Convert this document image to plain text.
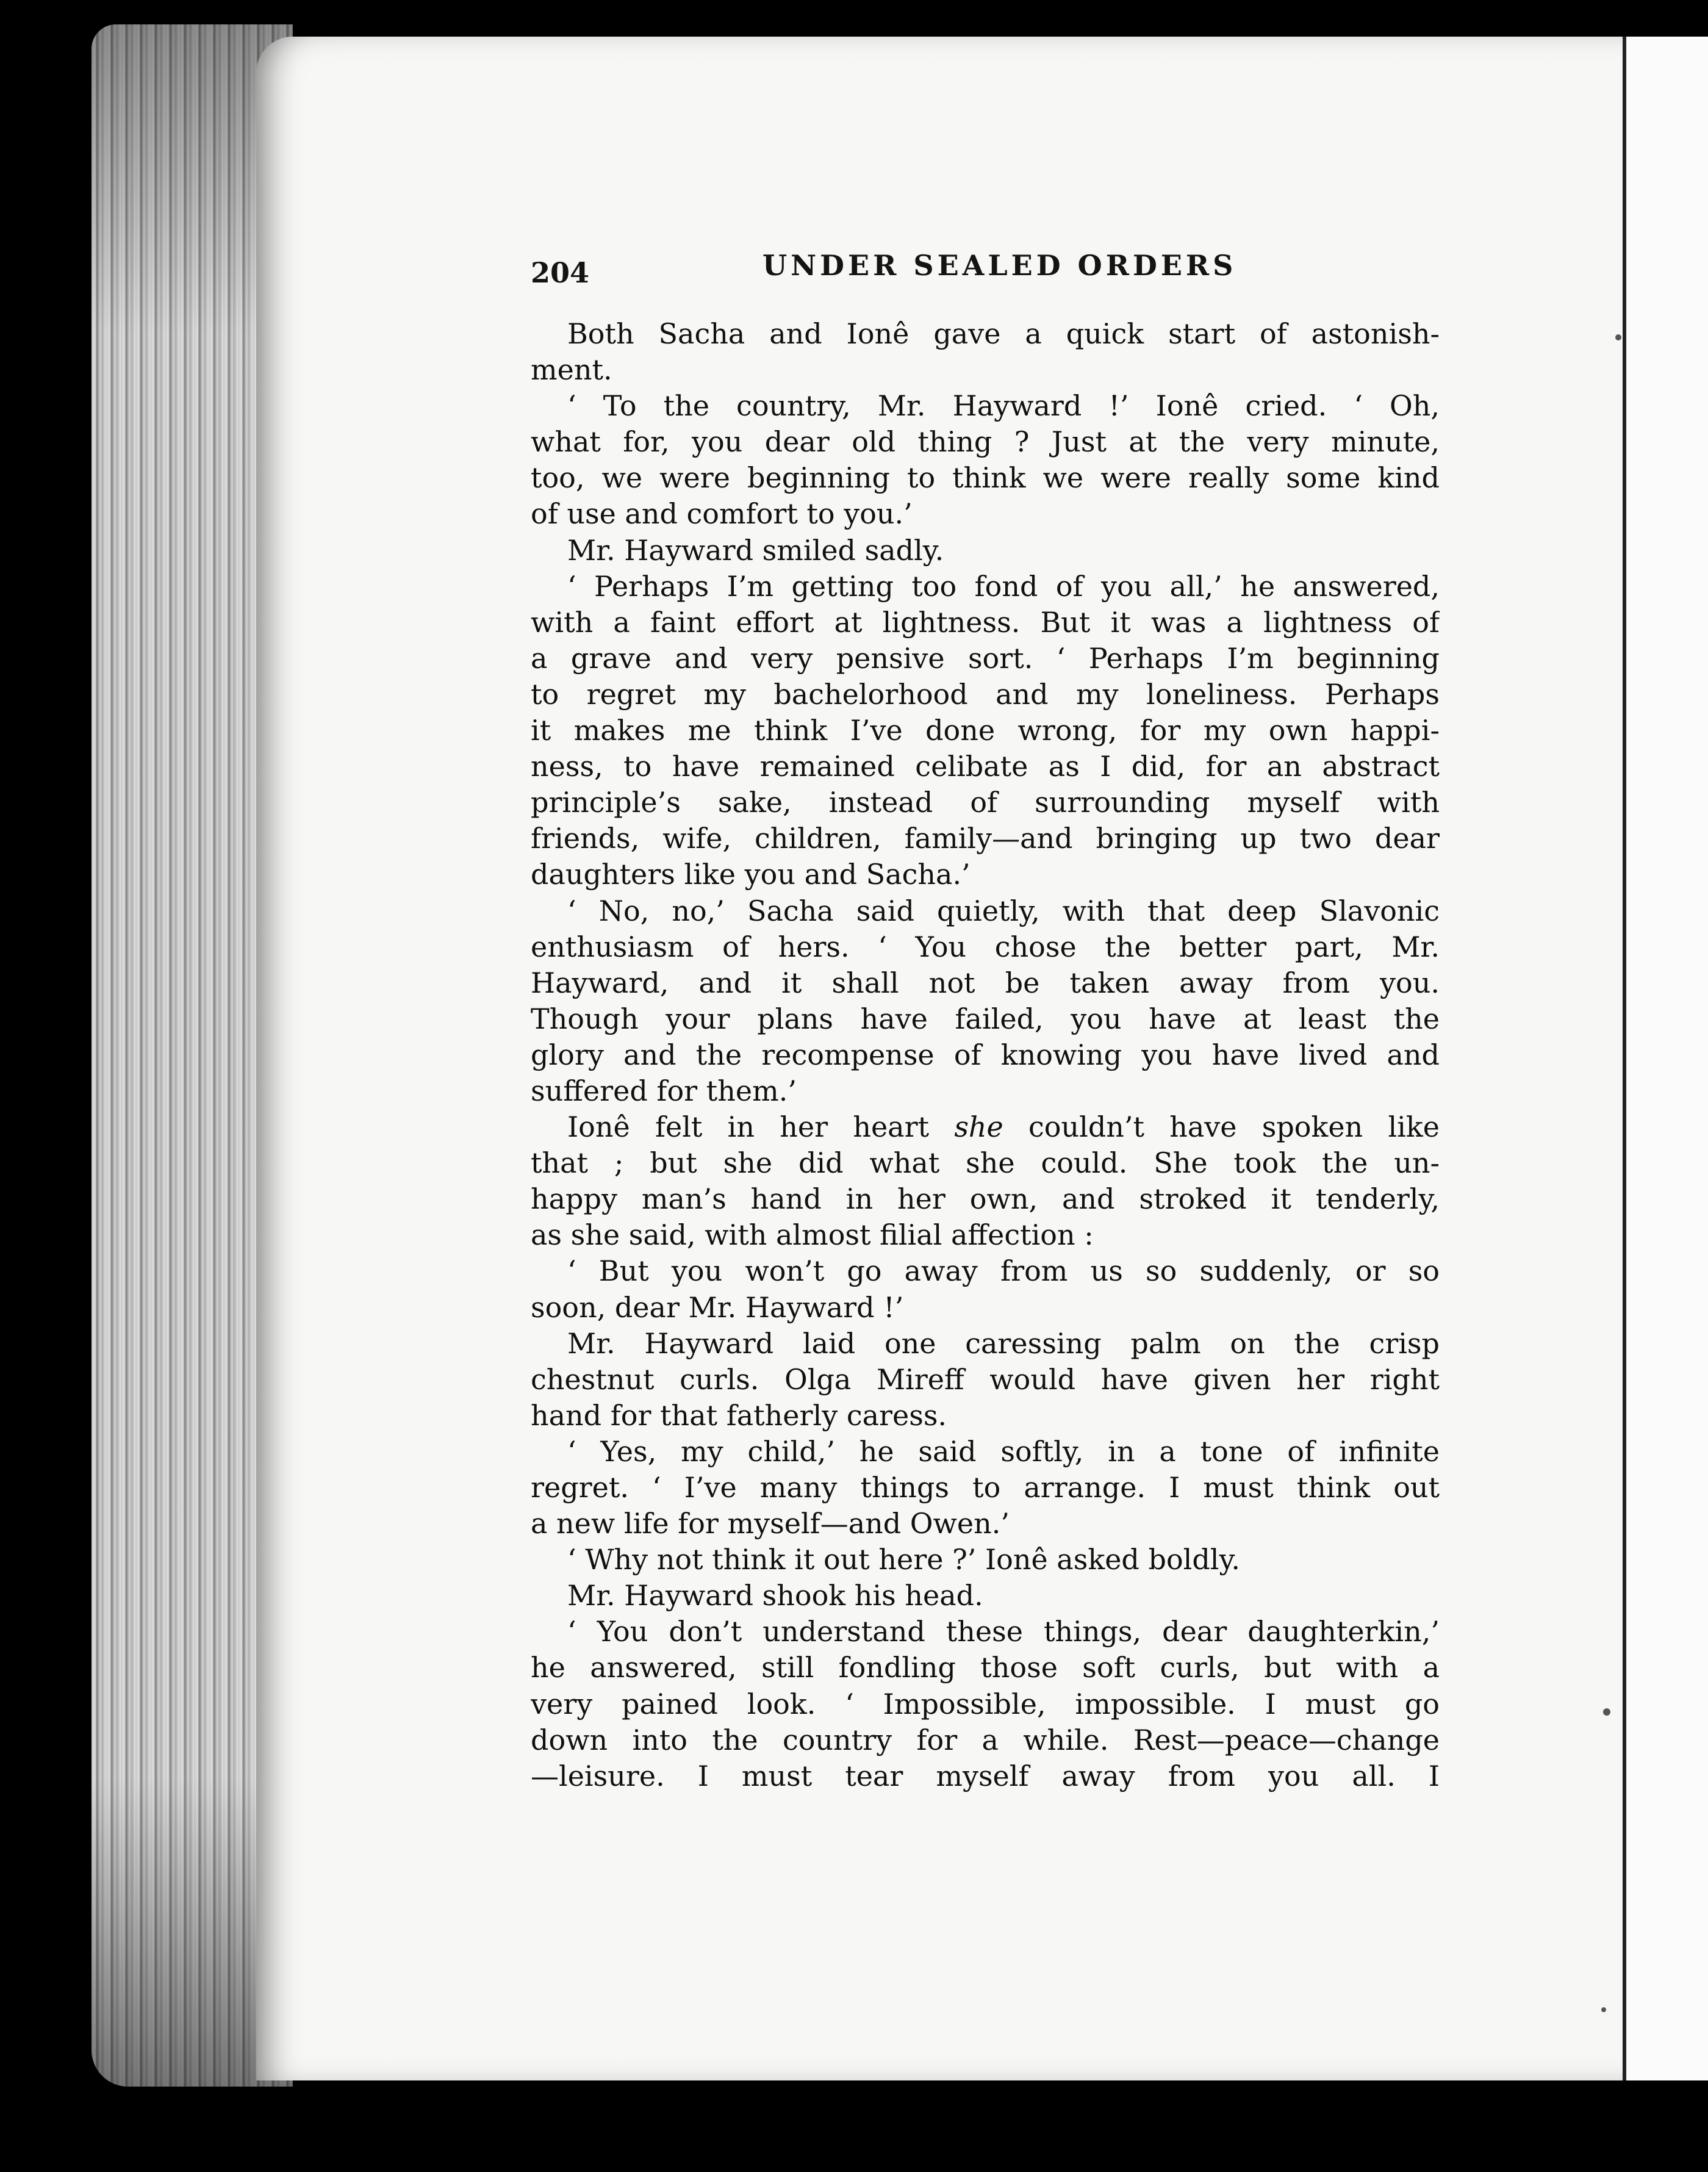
204	UNDER SEALED ORDERS
Both Sacha and Ionê gave a quick start of astonish-
ment.
‘ To the country, Mr. Hayward !’ Ionê cried. ‘ Oh,
what for, you dear old thing ? Just at the very minute,
too, we were beginning to think we were really some kind
of use and comfort to you.’
Mr. Hayward smiled sadly.
‘ Perhaps I’m getting too fond of you all,’ he answered,
with a faint effort at lightness. But it was a lightness of
a grave and very pensive sort. ‘ Perhaps I’m beginning
to regret my bachelorhood and my loneliness. Perhaps
it makes me think I’ve done wrong, for my own happi-
ness, to have remained celibate as I did, for an abstract
principle’s sake, instead of surrounding myself with
friends, wife, children, family—and bringing up two dear
daughters like you and Sacha.’
‘ No, no,’ Sacha said quietly, with that deep Slavonic
enthusiasm of hers. ‘ You chose the better part, Mr.
Hayward, and it shall not be taken away from you.
Though your plans have failed, you have at least the
glory and the recompense of knowing you have lived and
suffered for them.’
Ionê felt in her heart she couldn’t have spoken like
that ; but she did what she could. She took the un-
happy man’s hand in her own, and stroked it tenderly,
as she said, with almost filial affection :
‘ But you won’t go away from us so suddenly, or so
soon, dear Mr. Hayward !’
Mr. Hayward laid one caressing palm on the crisp
chestnut curls. Olga Mireff would have given her right
hand for that fatherly caress.
‘ Yes, my child,’ he said softly, in a tone of infinite
regret. ‘ I’ve many things to arrange. I must think out
a new life for myself—and Owen.’
‘ Why not think it out here ?’ Ionê asked boldly.
Mr. Hayward shook his head.
‘ You don’t understand these things, dear daughterkin,’
he answered, still fondling those soft curls, but with a
very pained look. ‘ Impossible, impossible. I must go
down into the country for a while. Rest—peace—change
—leisure. I must tear myself away from you all. I
